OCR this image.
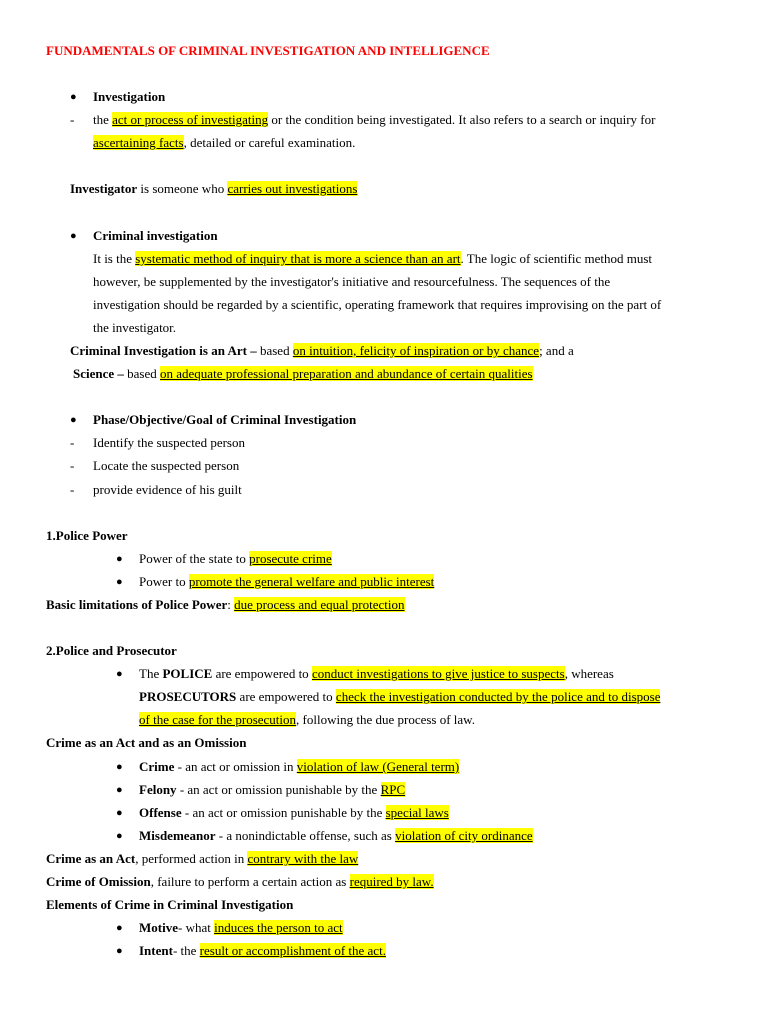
FUNDAMENTALS OF CRIMINAL INVESTIGATION AND INTELLIGENCE
● Investigation
- the act or process of investigating or the condition being investigated. It also refers to a search or inquiry for
ascertaining facts, detailed or careful examination.
Investigator is someone who carries out investigations
● Criminal investigation
It is the systematic method of inquiry that is more a science than an art. The logic of scientific method must
however, be supplemented by the investigator's initiative and resourcefulness. The sequences of the
investigation should be regarded by a scientific, operating framework that requires improvising on the part of
the investigator.
Criminal Investigation is an Art – based on intuition, felicity of inspiration or by chance; and a
Science – based on adequate professional preparation and abundance of certain qualities
● Phase/Objective/Goal of Criminal Investigation
- Identify the suspected person
- Locate the suspected person
- provide evidence of his guilt
1.Police Power
● Power of the state to prosecute crime
● Power to promote the general welfare and public interest
Basic limitations of Police Power: due process and equal protection
2.Police and Prosecutor
● The POLICE are empowered to conduct investigations to give justice to suspects, whereas
PROSECUTORS are empowered to check the investigation conducted by the police and to dispose
of the case for the prosecution, following the due process of law.
Crime as an Act and as an Omission
● Crime - an act or omission in violation of law (General term)
● Felony - an act or omission punishable by the RPC
● Offense - an act or omission punishable by the special laws
● Misdemeanor - a nonindictable offense, such as violation of city ordinance
Crime as an Act, performed action in contrary with the law
Crime of Omission, failure to perform a certain action as required by law.
Elements of Crime in Criminal Investigation
● Motive- what induces the person to act
● Intent- the result or accomplishment of the act.
